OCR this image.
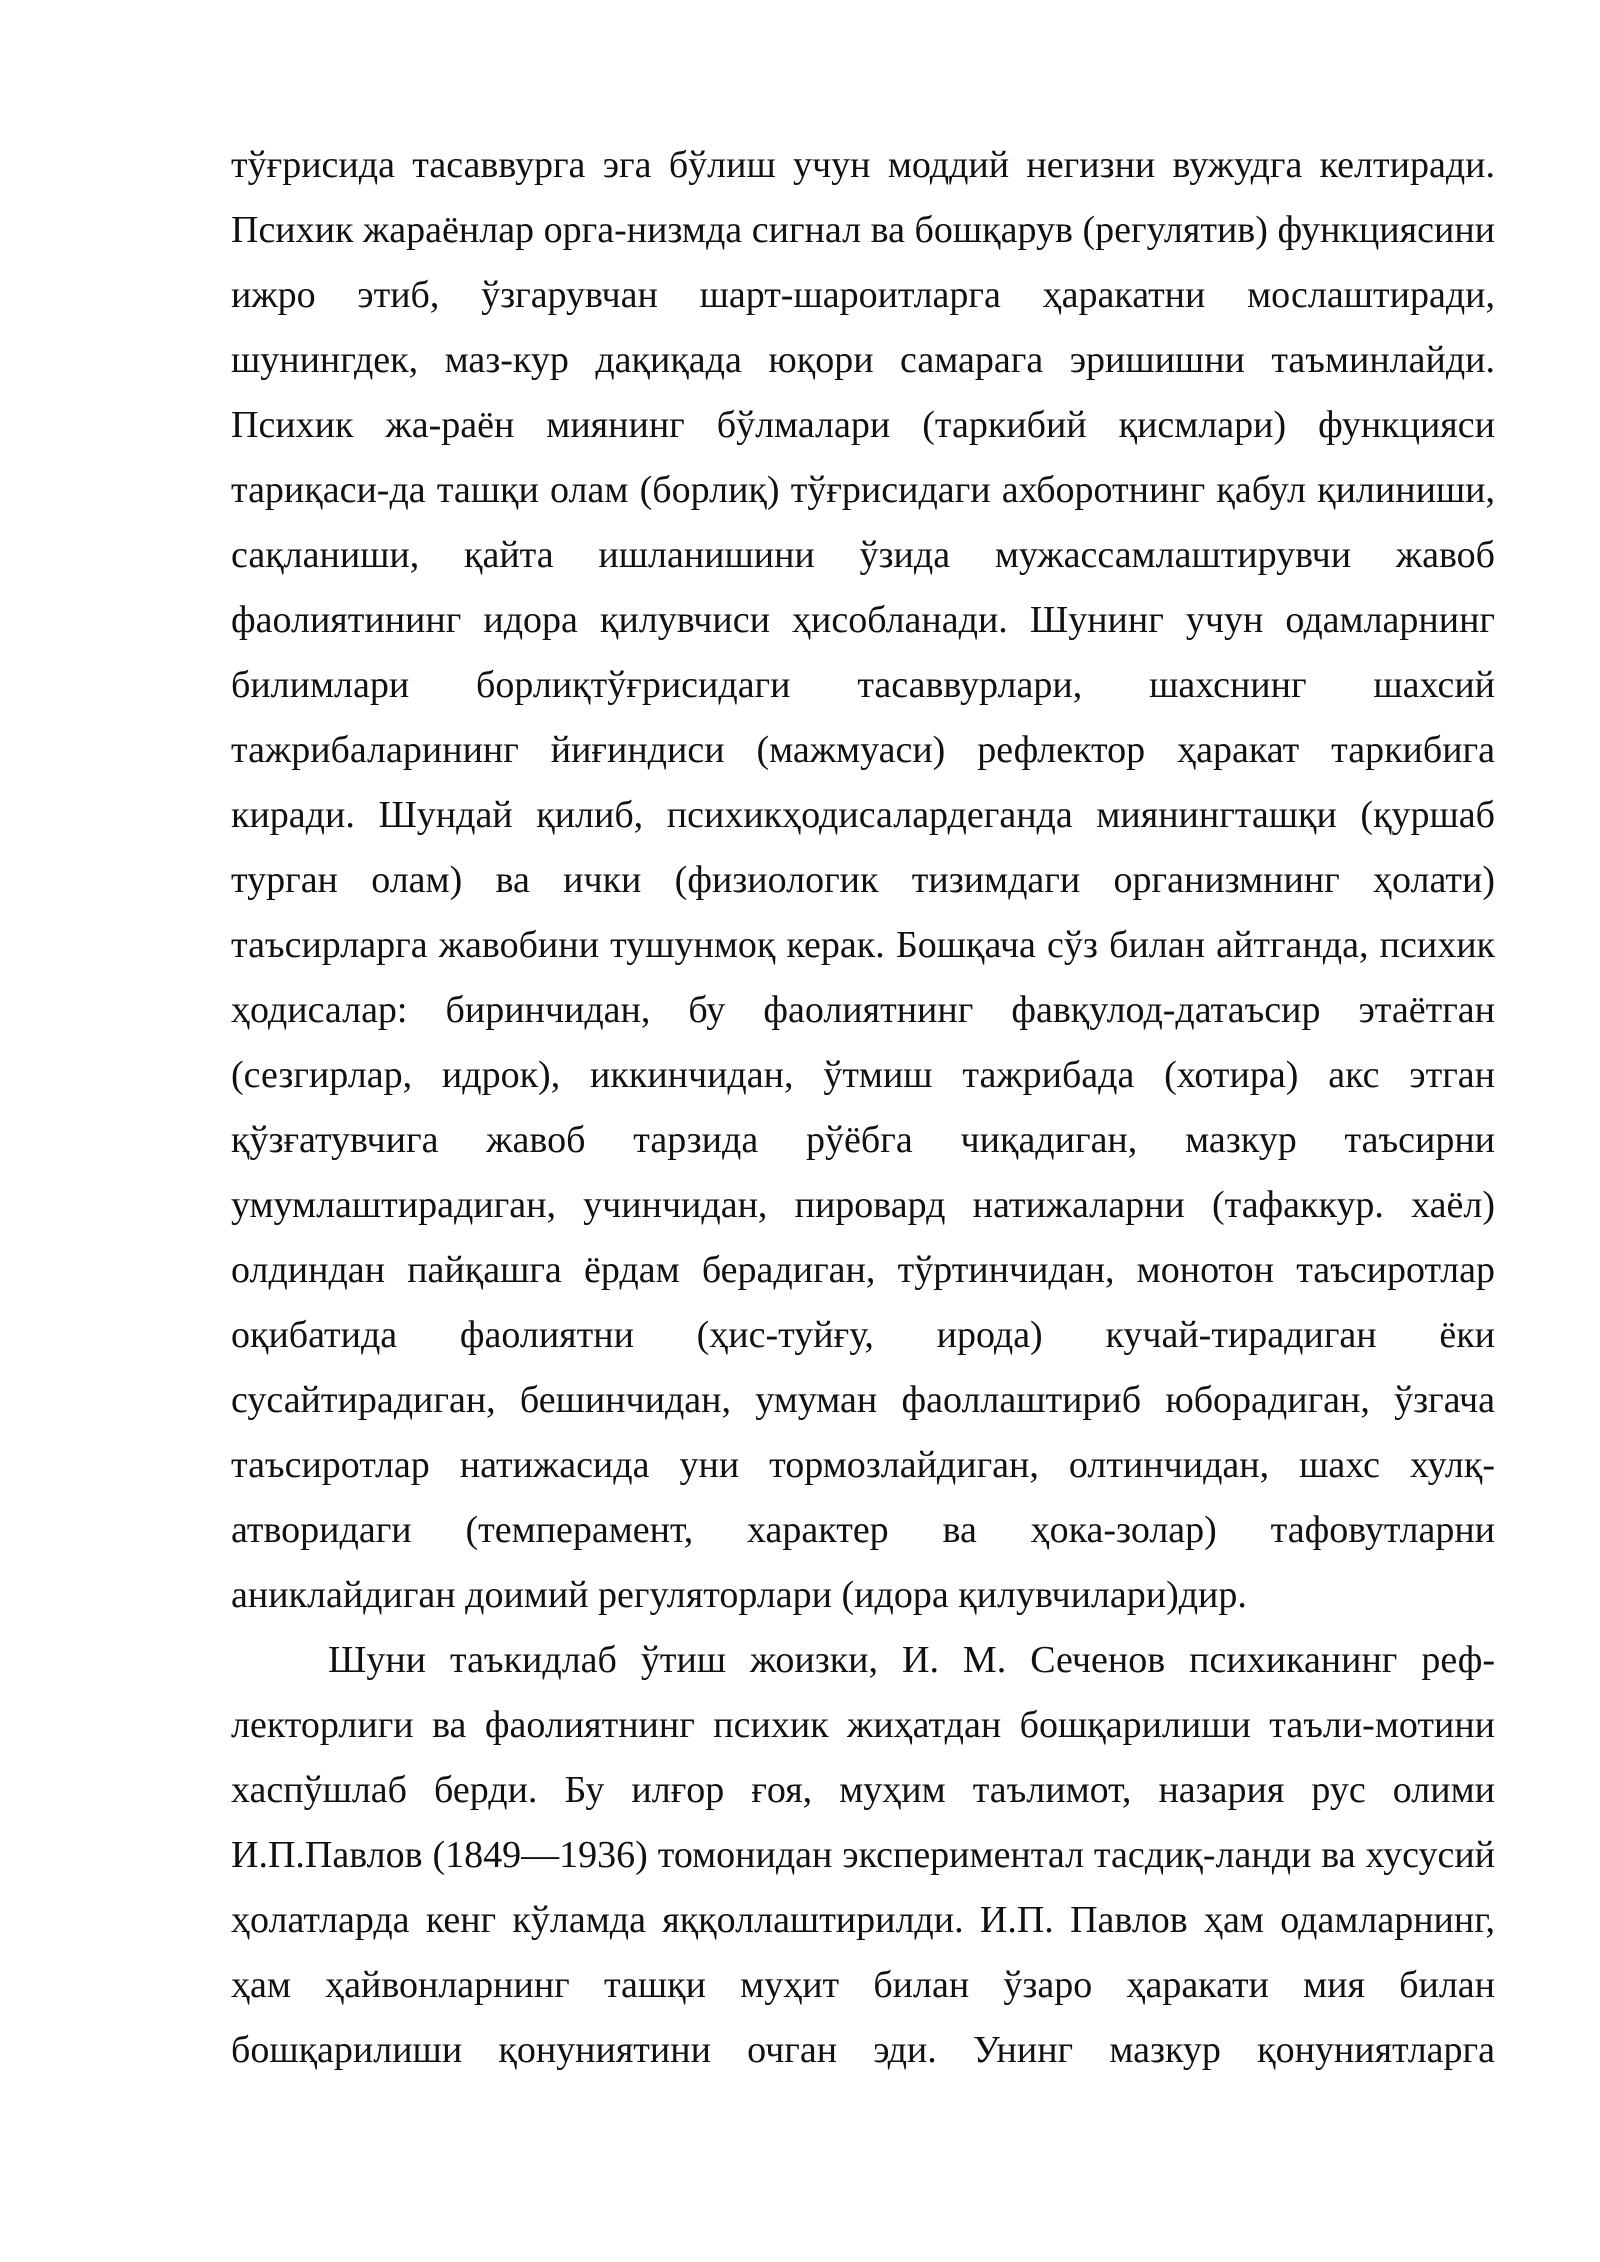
тўғрисида тасаввурга эга бўлиш учун моддий негизни вужудга келтиради.
Психик жараёнлар орга-низмда сигнал ва бошқарув (регулятив) функциясини
ижро этиб, ўзгарувчан шарт-шароитларга ҳаракатни мослаштиради,
шунингдек, маз-кур дақиқада юқори самарага эришишни таъминлайди.
Психик жа-раён миянинг бўлмалари (таркибий қисмлари) функцияси
тариқаси-да ташқи олам (борлиқ) тўғрисидаги ахборотнинг қабул қилиниши,
сақланиши, қайта ишланишини ўзида мужассамлаштирувчи жавоб
фаолиятининг идора қилувчиси ҳисобланади. Шунинг учун одамларнинг
билимлари борлиқтўғрисидаги тасаввурлари, шахснинг шахсий
тажрибаларининг йиғиндиси (мажмуаси) рефлектор ҳаракат таркибига
киради. Шундай қилиб, психикҳодисалардеганда миянингташқи (қуршаб
турган олам) ва ички (физиологик тизимдаги организмнинг ҳолати)
таъсирларга жавобини тушунмоқ керак. Бошқача сўз билан айтганда, психик
ҳодисалар: биринчидан, бу фаолиятнинг фавқулод-датаъсир этаётган
(сезгирлар, идрок), иккинчидан, ўтмиш тажрибада (хотира) акс этган
қўзғатувчига жавоб тарзида рўёбга чиқадиган, мазкур таъсирни
умумлаштирадиган, учинчидан, пировард натижаларни (тафаккур. хаёл)
олдиндан пайқашга ёрдам берадиган, тўртинчидан, монотон таъсиротлар
оқибатида фаолиятни (ҳис-туйғу, ирода) кучай-тирадиган ёки
сусайтирадиган, бешинчидан, умуман фаоллаштириб юборадиган, ўзгача
таъсиротлар натижасида уни тормозлайдиган, олтинчидан, шахс хулқ-
атворидаги (темперамент, характер ва ҳока-золар) тафовутларни
аниклайдиган доимий регуляторлари (идора қилувчилари)дир.
Шуни таъкидлаб ўтиш жоизки, И. М. Сеченов психиканинг реф-
лекторлиги ва фаолиятнинг психик жиҳатдан бошқарилиши таъли-мотини
хаспўшлаб берди. Бу илғор ғоя, муҳим таълимот, назария рус олими
И.П.Павлов (1849—1936) томонидан экспериментал тасдиқ-ланди ва хусусий
ҳолатларда кенг кўламда яққоллаштирилди. И.П. Павлов ҳам одамларнинг,
ҳам ҳайвонларнинг ташқи муҳит билан ўзаро ҳаракати мия билан
бошқарилиши қонуниятини очган эди. Унинг мазкур қонуниятларга
